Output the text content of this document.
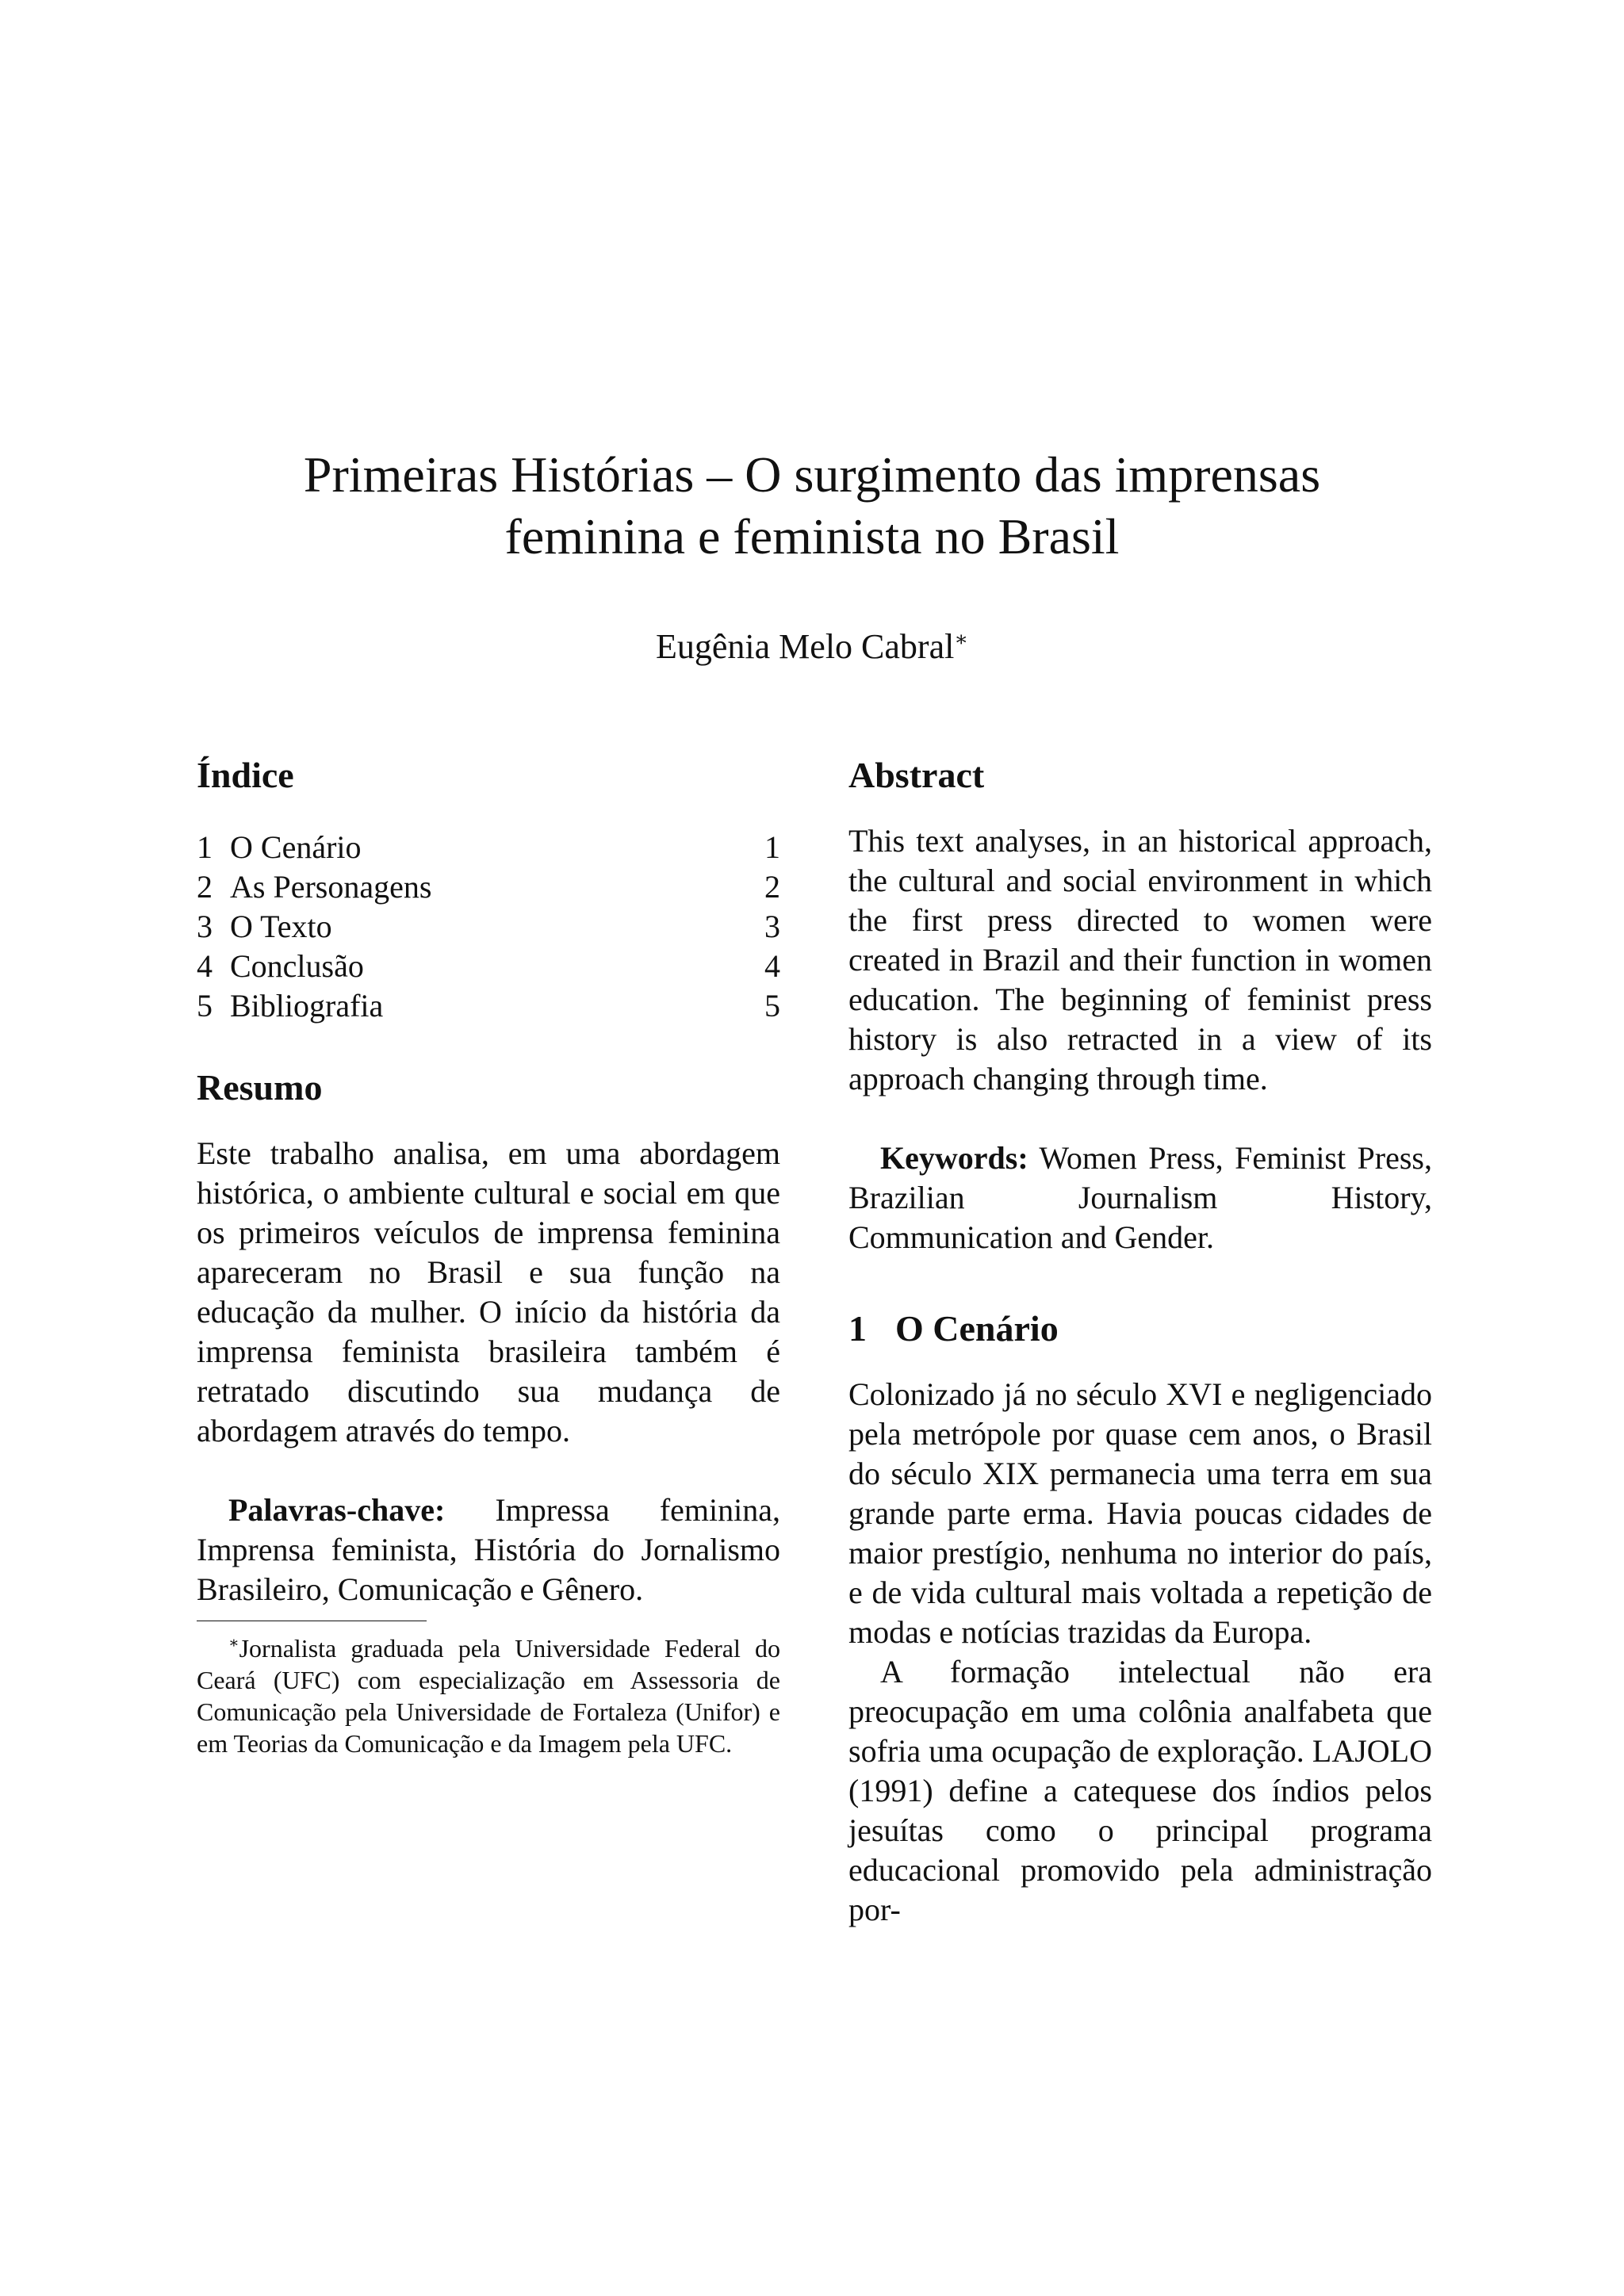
Primeiras Histórias – O surgimento das imprensas
feminina e feminista no Brasil
Eugênia Melo Cabral∗
Índice
1 O Cenário	1
2 As Personagens	2
3 O Texto	3
4 Conclusão	4
5 Bibliografia	5
Resumo

Este trabalho analisa, em uma abordagem histórica, o ambiente cultural e social em que os primeiros veículos de imprensa feminina apareceram no Brasil e sua função na educação da mulher. O início da história da imprensa feminista brasileira também é retratado discutindo sua mudança de abordagem através do tempo.

Palavras-chave: Impressa feminina, Imprensa feminista, História do Jornalismo Brasileiro, Comunicação e Gênero.

∗Jornalista graduada pela Universidade Federal do Ceará (UFC) com especialização em Assessoria de Comunicação pela Universidade de Fortaleza (Unifor) e em Teorias da Comunicação e da Imagem pela UFC.

Abstract

This text analyses, in an historical approach, the cultural and social environment in which the first press directed to women were created in Brazil and their function in women education. The beginning of feminist press history is also retracted in a view of its approach changing through time.

Keywords: Women Press, Feminist Press, Brazilian Journalism History, Communication and Gender.

1 O Cenário

Colonizado já no século XVI e negligenciado pela metrópole por quase cem anos, o Brasil do século XIX permanecia uma terra em sua grande parte erma. Havia poucas cidades de maior prestígio, nenhuma no interior do país, e de vida cultural mais voltada a repetição de modas e notícias trazidas da Europa.

A formação intelectual não era preocupação em uma colônia analfabeta que sofria uma ocupação de exploração. LAJOLO (1991) define a catequese dos índios pelos jesuítas como o principal programa educacional promovido pela administração por-
